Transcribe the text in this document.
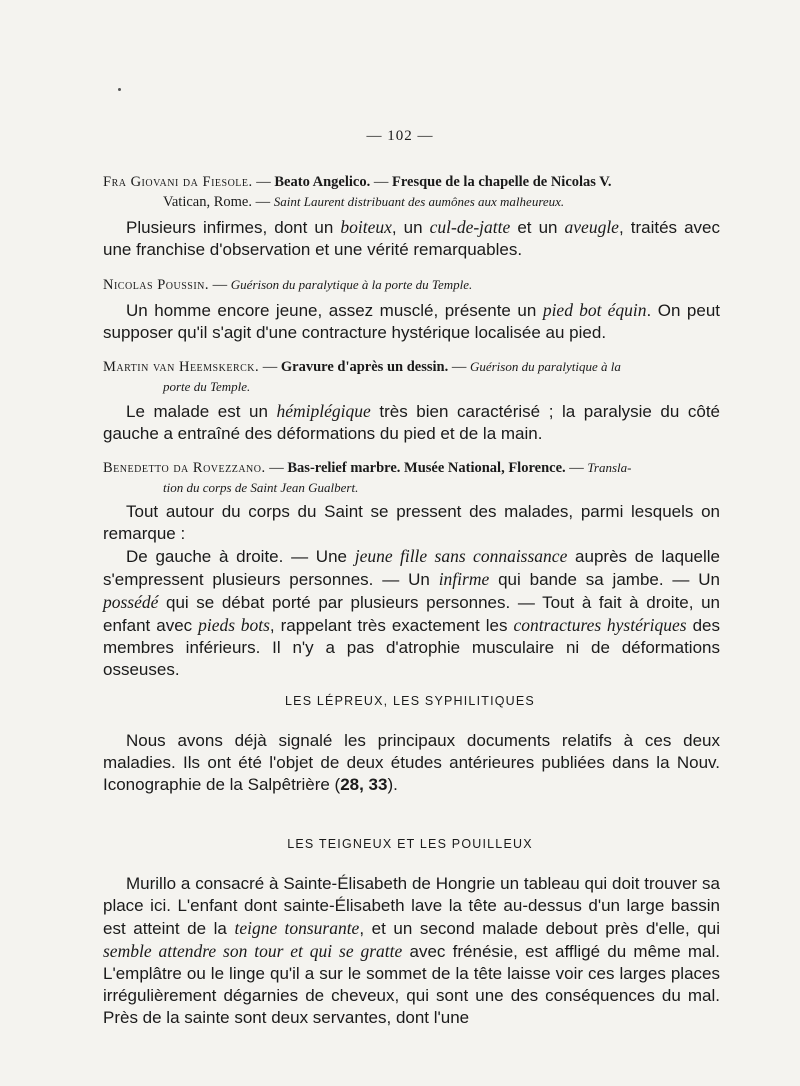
— 102 —
Fra Giovani da Fiesole. — Beato Angelico. — Fresque de la chapelle de Nicolas V.
Vatican, Rome. — Saint Laurent distribuant des aumônes aux malheureux.

Plusieurs infirmes, dont un boiteux, un cul-de-jatte et un aveugle, traités avec une franchise d'observation et une vérité remarquables.

Nicolas Poussin. — Guérison du paralytique à la porte du Temple.

Un homme encore jeune, assez musclé, présente un pied bot équin. On peut supposer qu'il s'agit d'une contracture hystérique localisée au pied.

Martin van Heemskerck. — Gravure d'après un dessin. — Guérison du paralytique à la
porte du Temple.

Le malade est un hémiplégique très bien caractérisé ; la paralysie du côté gauche a entraîné des déformations du pied et de la main.

Benedetto da Rovezzano. — Bas-relief marbre. Musée National, Florence. — Transla-
tion du corps de Saint Jean Gualbert.

Tout autour du corps du Saint se pressent des malades, parmi lesquels on remarque :

De gauche à droite. — Une jeune fille sans connaissance auprès de laquelle s'empressent plusieurs personnes. — Un infirme qui bande sa jambe. — Un possédé qui se débat porté par plusieurs personnes. — Tout à fait à droite, un enfant avec pieds bots, rappelant très exactement les contractures hystériques des membres inférieurs. Il n'y a pas d'atrophie musculaire ni de déformations osseuses.

LES LÉPREUX, LES SYPHILITIQUES

Nous avons déjà signalé les principaux documents relatifs à ces deux maladies. Ils ont été l'objet de deux études antérieures publiées dans la Nouv. Iconographie de la Salpêtrière (28, 33).

LES TEIGNEUX ET LES POUILLEUX

Murillo a consacré à Sainte-Élisabeth de Hongrie un tableau qui doit trouver sa place ici. L'enfant dont sainte-Élisabeth lave la tête au-dessus d'un large bassin est atteint de la teigne tonsurante, et un second malade debout près d'elle, qui semble attendre son tour et qui se gratte avec frénésie, est affligé du même mal. L'emplâtre ou le linge qu'il a sur le sommet de la tête laisse voir ces larges places irrégulièrement dégarnies de cheveux, qui sont une des conséquences du mal. Près de la sainte sont deux servantes, dont l'une
